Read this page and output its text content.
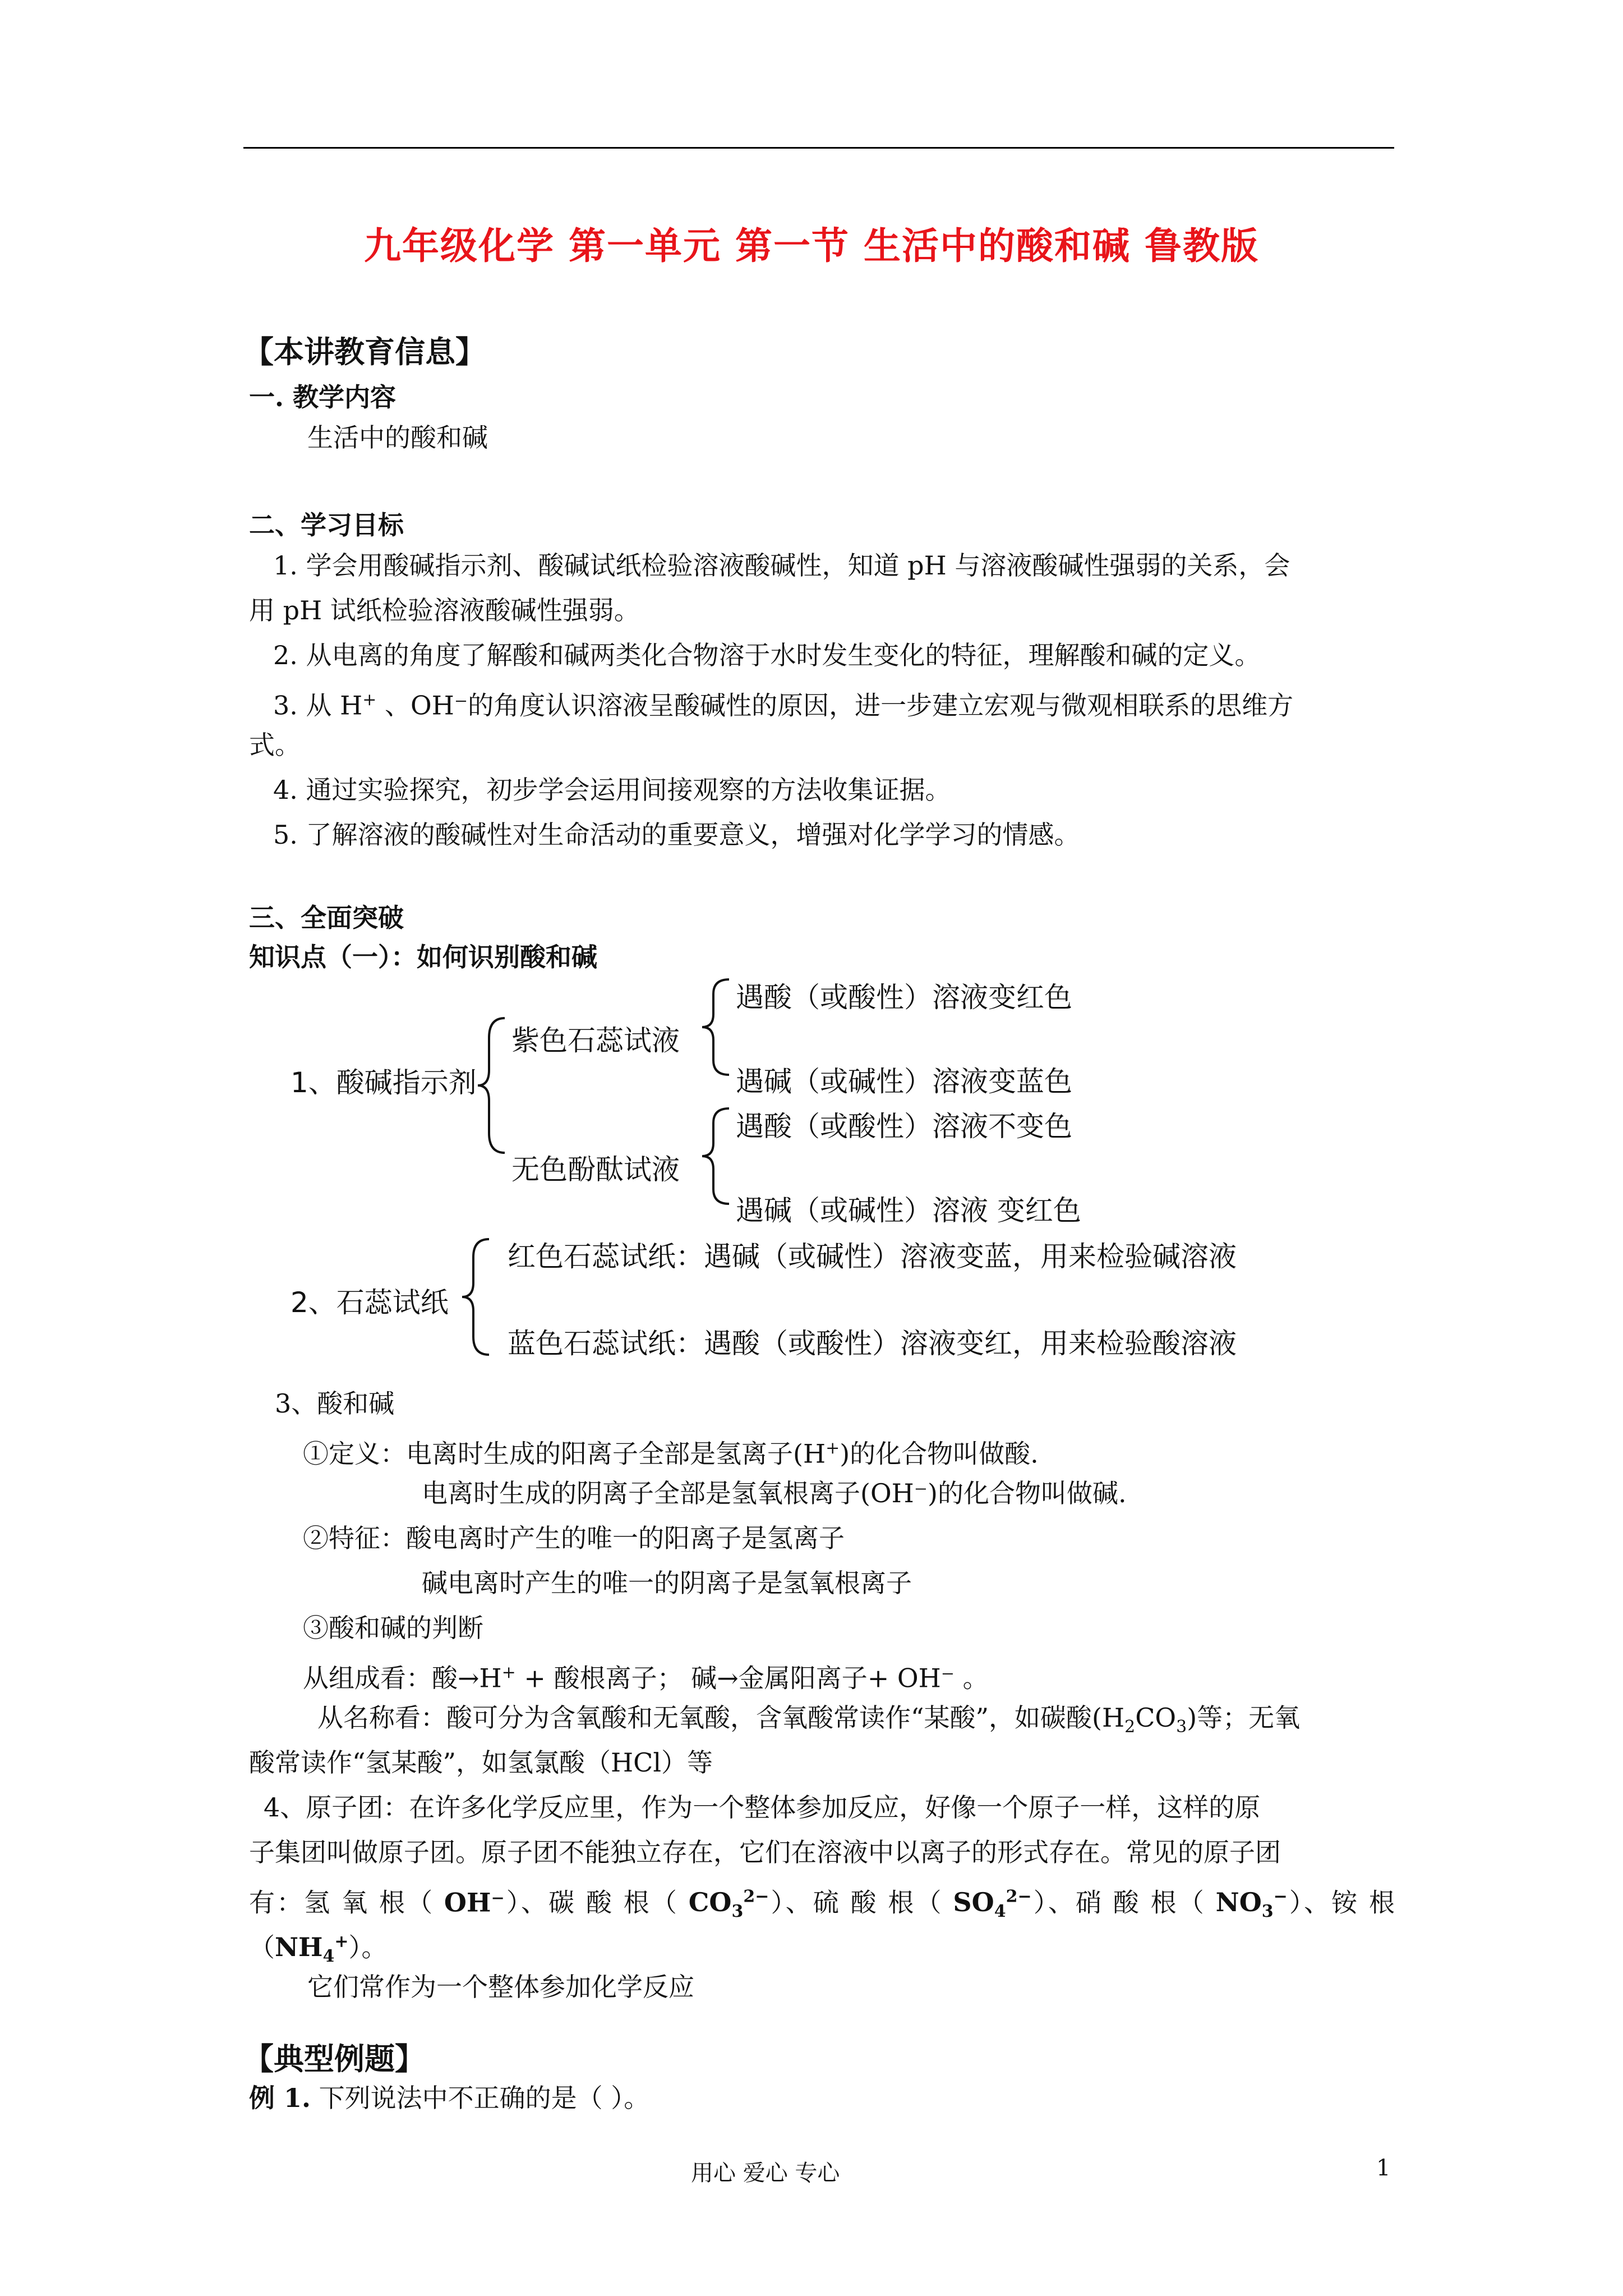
九年级化学 第一单元 第一节 生活中的酸和碱 鲁教版
【本讲教育信息】
一. 教学内容
生活中的酸和碱
二、学习目标
1. 学会用酸碱指示剂、酸碱试纸检验溶液酸碱性，知道 pH 与溶液酸碱性强弱的关系，会
用 pH 试纸检验溶液酸碱性强弱。
2. 从电离的角度了解酸和碱两类化合物溶于水时发生变化的特征，理解酸和碱的定义。
3. 从 H+ 、OH⁻的角度认识溶液呈酸碱性的原因，进一步建立宏观与微观相联系的思维方
式。
4. 通过实验探究，初步学会运用间接观察的方法收集证据。
5. 了解溶液的酸碱性对生命活动的重要意义，增强对化学学习的情感。
三、全面突破
知识点（一）：如何识别酸和碱
1、酸碱指示剂
紫色石蕊试液
遇酸（或酸性）溶液变红色
遇碱（或碱性）溶液变蓝色
无色酚酞试液
遇酸（或酸性）溶液不变色
遇碱（或碱性）溶液 变红色
2、石蕊试纸
红色石蕊试纸：遇碱（或碱性）溶液变蓝，用来检验碱溶液
蓝色石蕊试纸：遇酸（或酸性）溶液变红，用来检验酸溶液
3、酸和碱
①定义：电离时生成的阳离子全部是氢离子(H+)的化合物叫做酸.
电离时生成的阴离子全部是氢氧根离子(OH⁻)的化合物叫做碱.
②特征：酸电离时产生的唯一的阳离子是氢离子
碱电离时产生的唯一的阴离子是氢氧根离子
③酸和碱的判断
从组成看：酸→H+ + 酸根离子； 碱→金属阳离子+ OH⁻ 。
从名称看：酸可分为含氧酸和无氧酸，含氧酸常读作“某酸”，如碳酸$(H_2CO_3)$等；无氧
酸常读作“氢某酸”，如氢氯酸（HCl）等
4、原子团：在许多化学反应里，作为一个整体参加反应，好像一个原子一样，这样的原
子集团叫做原子团。原子团不能独立存在，它们在溶液中以离子的形式存在。常见的原子团
有：氢 氧 根（ OH⁻）、碳 酸 根（ $CO_3^{2-}$）、硫 酸 根（ $SO_4^{2-}$）、硝 酸 根（ $NO_3^-$）、铵 根
$(NH_4^+)$。
它们常作为一个整体参加化学反应
【典型例题】
例 1. 下列说法中不正确的是（ ）。
用心 爱心 专心	1
